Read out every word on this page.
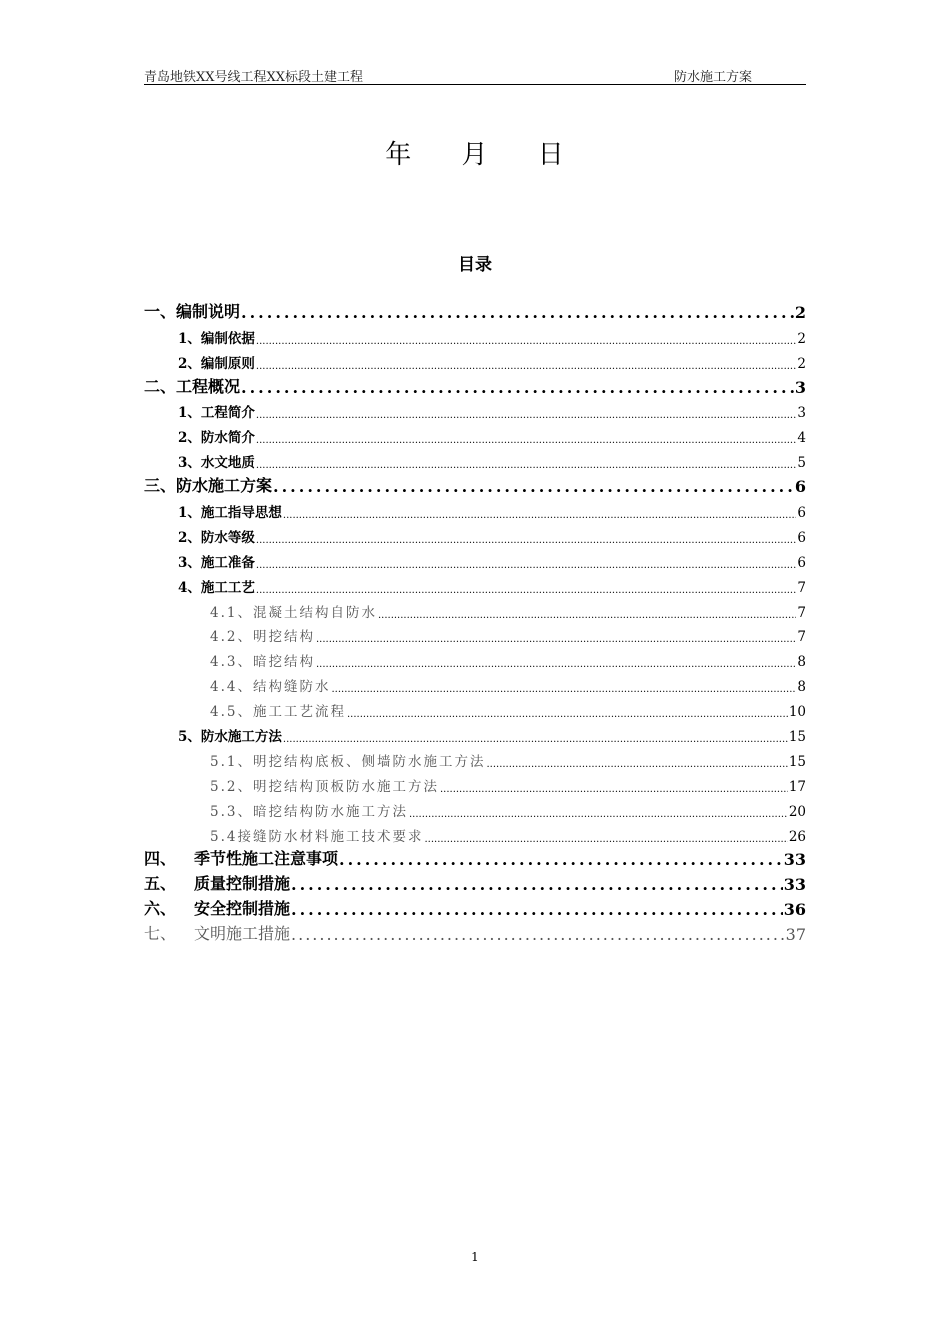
青岛地铁XX号线工程XX标段土建工程	防水施工方案
年 月 日
目录
一、编制说明 .....	2
1、编制依据 .....	2
2、编制原则 .....	2
二、工程概况 .....	3
1、工程简介 .....	3
2、防水简介 .....	4
3、水文地质 .....	5
三、防水施工方案 .....	6
1、施工指导思想 .....	6
2、防水等级 .....	6
3、施工准备 .....	6
4、施工工艺 .....	7
4.1、混凝土结构自防水 .....	7
4.2、明挖结构 .....	7
4.3、暗挖结构 .....	8
4.4、结构缝防水 .....	8
4.5、施工工艺流程 .....	10
5、防水施工方法 .....	15
5.1、明挖结构底板、侧墙防水施工方法 .....	15
5.2、明挖结构顶板防水施工方法 .....	17
5.3、暗挖结构防水施工方法 .....	20
5.4接缝防水材料施工技术要求 .....	26
四、 季节性施工注意事项 .....	33
五、 质量控制措施 .....	33
六、 安全控制措施 .....	36
七、 文明施工措施 .....	37
1
